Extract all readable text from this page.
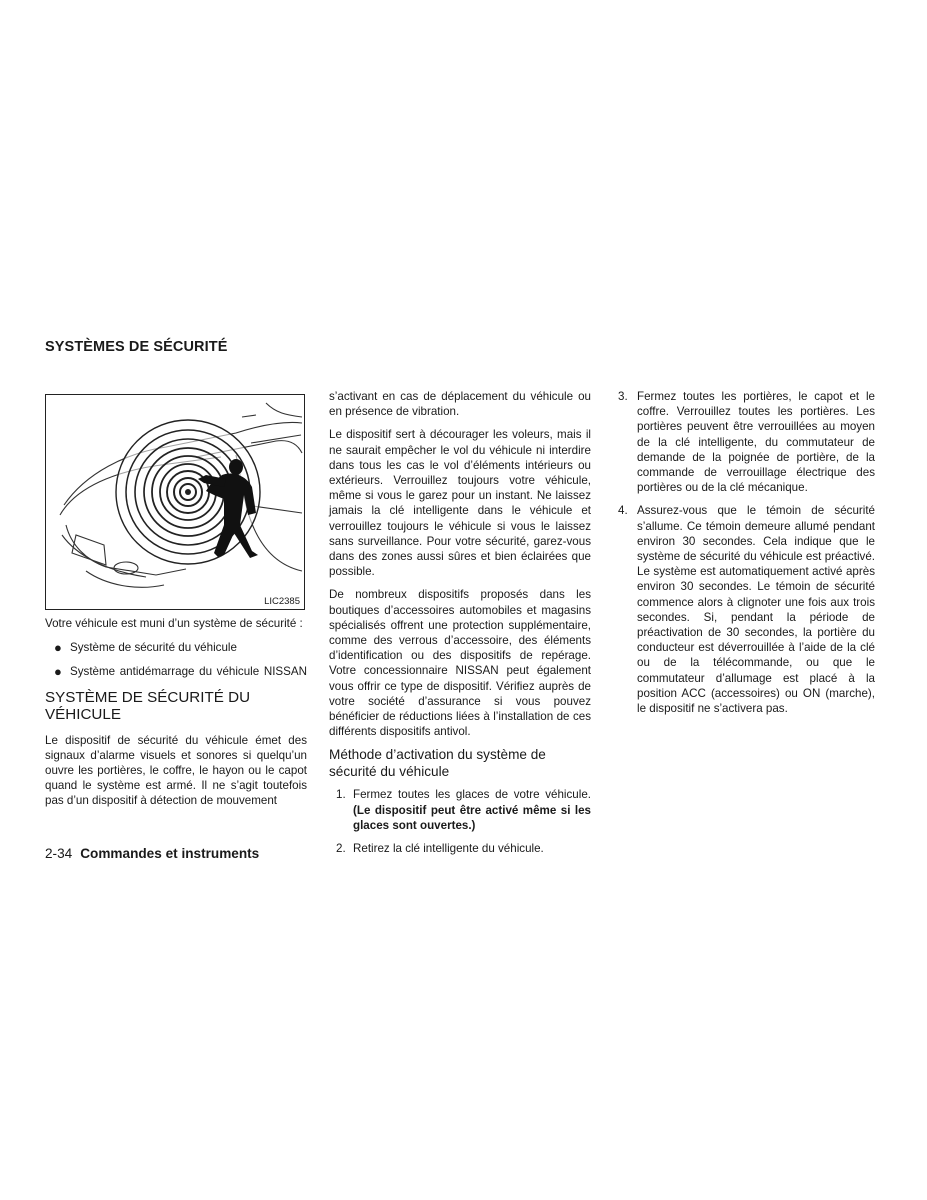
SYSTÈMES DE SÉCURITÉ
LIC2385

Votre véhicule est muni d’un système de sécurité :

● Système de sécurité du véhicule
● Système antidémarrage du véhicule NISSAN
SYSTÈME DE SÉCURITÉ DU VÉHICULE

Le dispositif de sécurité du véhicule émet des signaux d’alarme visuels et sonores si quelqu’un ouvre les portières, le coffre, le hayon ou le capot quand le système est armé. Il ne s’agit toutefois pas d’un dispositif à détection de mouvement

s’activant en cas de déplacement du véhicule ou en présence de vibration.

Le dispositif sert à décourager les voleurs, mais il ne saurait empêcher le vol du véhicule ni interdire dans tous les cas le vol d’éléments intérieurs ou extérieurs. Verrouillez toujours votre véhicule, même si vous le garez pour un instant. Ne laissez jamais la clé intelligente dans le véhicule et verrouillez toujours le véhicule si vous le laissez sans surveillance. Pour votre sécurité, garez-vous dans des zones aussi sûres et bien éclairées que possible.

De nombreux dispositifs proposés dans les boutiques d’accessoires automobiles et magasins spécialisés offrent une protection supplémentaire, comme des verrous d’accessoire, des éléments d’identification ou des dispositifs de repérage. Votre concessionnaire NISSAN peut également vous offrir ce type de dispositif. Vérifiez auprès de votre société d’assurance si vous pouvez bénéficier de réductions liées à l’installation de ces différents dispositifs antivol.

Méthode d’activation du système de sécurité du véhicule
1. Fermez toutes les glaces de votre véhicule. (Le dispositif peut être activé même si les glaces sont ouvertes.)
2. Retirez la clé intelligente du véhicule.
3. Fermez toutes les portières, le capot et le coffre. Verrouillez toutes les portières. Les portières peuvent être verrouillées au moyen de la clé intelligente, du commutateur de demande de la poignée de portière, de la commande de verrouillage électrique des portières ou de la clé mécanique.
4. Assurez-vous que le témoin de sécurité s’allume. Ce témoin demeure allumé pendant environ 30 secondes. Cela indique que le système de sécurité du véhicule est préactivé. Le système est automatiquement activé après environ 30 secondes. Le témoin de sécurité commence alors à clignoter une fois aux trois secondes. Si, pendant la période de préactivation de 30 secondes, la portière du conducteur est déverrouillée à l’aide de la clé ou de la télécommande, ou que le commutateur d’allumage est placé à la position ACC (accessoires) ou ON (marche), le dispositif ne s’activera pas.
2-34 Commandes et instruments
